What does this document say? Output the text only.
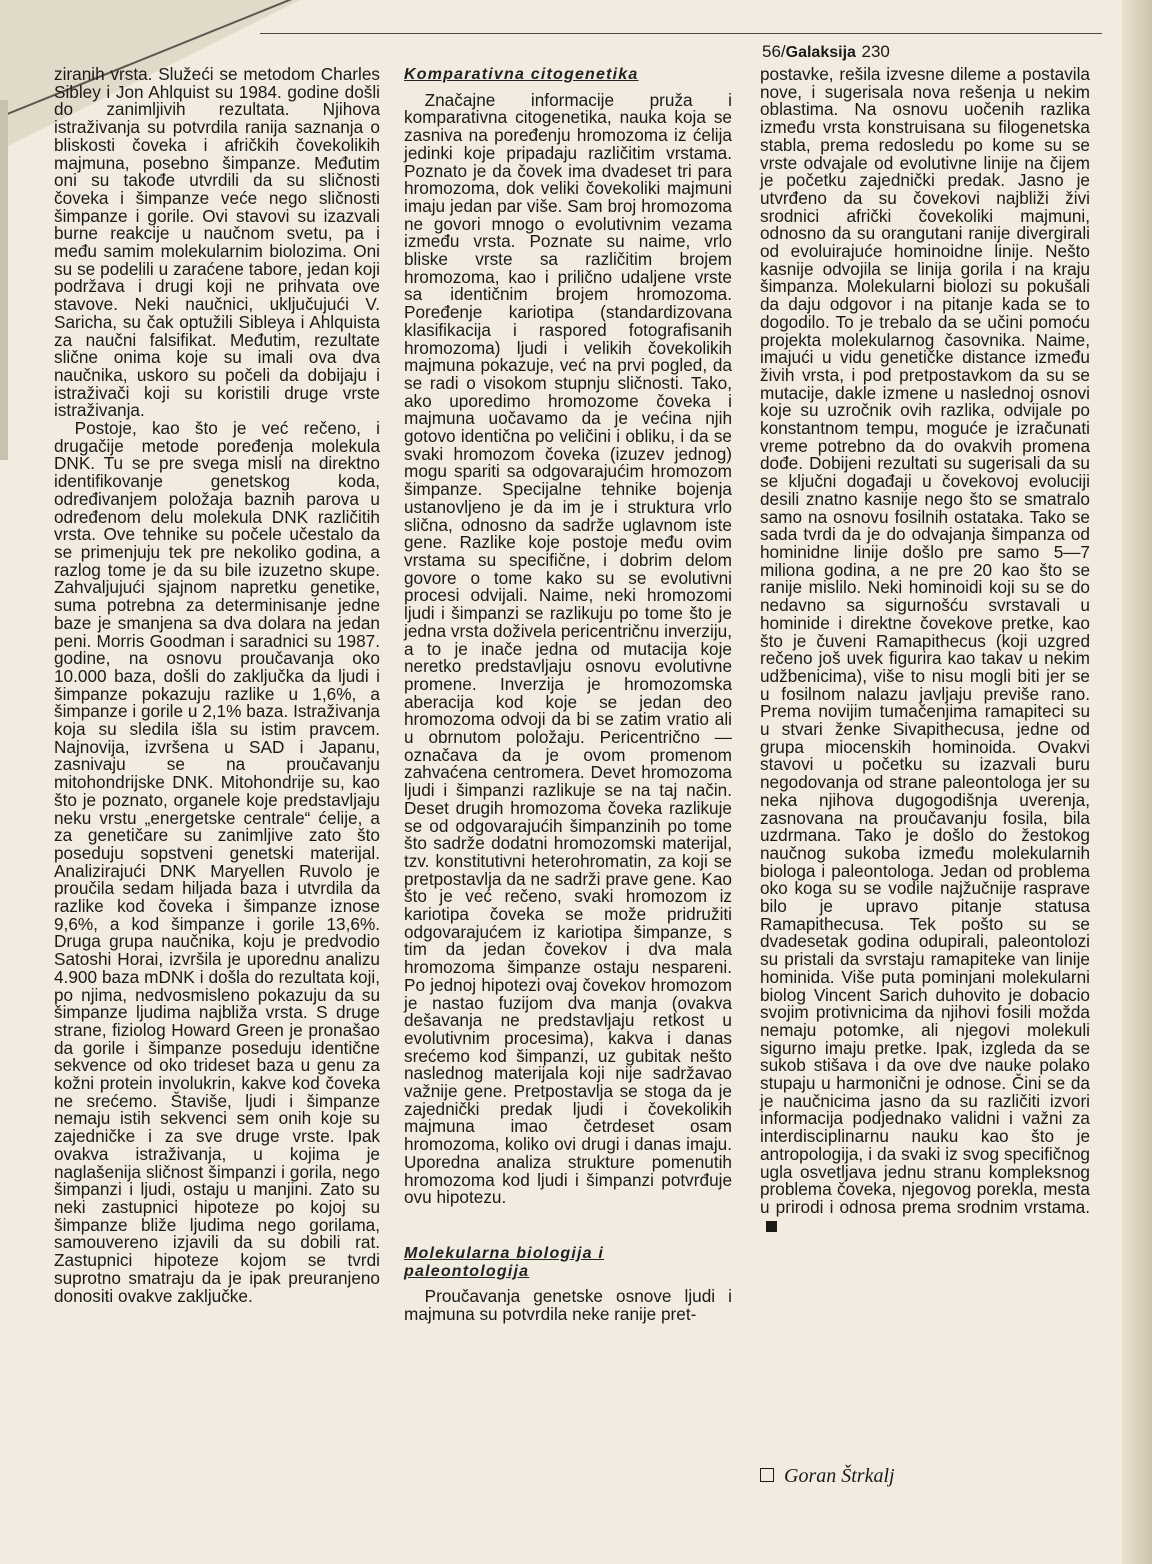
56/Galaksija 230

ziranih vrsta. Služeći se metodom Charles Sibley i Jon Ahlquist su 1984. godine došli do zanimljivih rezultata. Njihova istraživanja su potvrdila ranija saznanja o bliskosti čoveka i afričkih čovekolikih majmuna, posebno šimpanze. Međutim oni su takođe utvrdili da su sličnosti čoveka i šimpanze veće nego sličnosti šimpanze i gorile. Ovi stavovi su izazvali burne reakcije u naučnom svetu, pa i među samim molekularnim biolozima. Oni su se podelili u zaraćene tabore, jedan koji podržava i drugi koji ne prihvata ove stavove. Neki naučnici, uključujući V. Saricha, su čak optužili Sibleya i Ahlquista za naučni falsifikat. Međutim, rezultate slične onima koje su imali ova dva naučnika, uskoro su počeli da dobijaju i istraživači koji su koristili druge vrste istraživanja.

Postoje, kao što je već rečeno, i drugačije metode poređenja molekula DNK. Tu se pre svega misli na direktno identifikovanje genetskog koda, određivanjem položaja baznih parova u određenom delu molekula DNK različitih vrsta. Ove tehnike su počele učestalo da se primenjuju tek pre nekoliko godina, a razlog tome je da su bile izuzetno skupe. Zahvaljujući sjajnom napretku genetike, suma potrebna za determinisanje jedne baze je smanjena sa dva dolara na jedan peni. Morris Goodman i saradnici su 1987. godine, na osnovu proučavanja oko 10.000 baza, došli do zaključka da ljudi i šimpanze pokazuju razlike u 1,6%, a šimpanze i gorile u 2,1% baza. Istraživanja koja su sledila išla su istim pravcem. Najnovija, izvršena u SAD i Japanu, zasnivaju se na proučavanju mitohondrijske DNK. Mitohondrije su, kao što je poznato, organele koje predstavljaju neku vrstu „energetske centrale“ ćelije, a za genetičare su zanimljive zato što poseduju sopstveni genetski materijal. Analizirajući DNK Maryellen Ruvolo je proučila sedam hiljada baza i utvrdila da razlike kod čoveka i šimpanze iznose 9,6%, a kod šimpanze i gorile 13,6%. Druga grupa naučnika, koju je predvodio Satoshi Horai, izvršila je uporednu analizu 4.900 baza mDNK i došla do rezultata koji, po njima, nedvosmisleno pokazuju da su šimpanze ljudima najbliža vrsta. S druge strane, fiziolog Howard Green je pronašao da gorile i šimpanze poseduju identične sekvence od oko trideset baza u genu za kožni protein involukrin, kakve kod čoveka ne srećemo. Štaviše, ljudi i šimpanze nemaju istih sekvenci sem onih koje su zajedničke i za sve druge vrste. Ipak ovakva istraživanja, u kojima je naglašenija sličnost šimpanzi i gorila, nego šimpanzi i ljudi, ostaju u manjini. Zato su neki zastupnici hipoteze po kojoj su šimpanze bliže ljudima nego gorilama, samouvereno izjavili da su dobili rat. Zastupnici hipoteze kojom se tvrdi suprotno smatraju da je ipak preuranjeno donositi ovakve zaključke.

Komparativna citogenetika

Značajne informacije pruža i komparativna citogenetika, nauka koja se zasniva na poređenju hromozoma iz ćelija jedinki koje pripadaju različitim vrstama. Poznato je da čovek ima dvadeset tri para hromozoma, dok veliki čovekoliki majmuni imaju jedan par više. Sam broj hromozoma ne govori mnogo o evolutivnim vezama između vrsta. Poznate su naime, vrlo bliske vrste sa različitim brojem hromozoma, kao i prilično udaljene vrste sa identičnim brojem hromozoma. Poređenje kariotipa (standardizovana klasifikacija i raspored fotografisanih hromozoma) ljudi i velikih čovekolikih majmuna pokazuje, već na prvi pogled, da se radi o visokom stupnju sličnosti. Tako, ako uporedimo hromozome čoveka i majmuna uočavamo da je većina njih gotovo identična po veličini i obliku, i da se svaki hromozom čoveka (izuzev jednog) mogu spariti sa odgovarajućim hromozom šimpanze. Specijalne tehnike bojenja ustanovljeno je da im je i struktura vrlo slična, odnosno da sadrže uglavnom iste gene. Razlike koje postoje među ovim vrstama su specifične, i dobrim delom govore o tome kako su se evolutivni procesi odvijali. Naime, neki hromozomi ljudi i šimpanzi se razlikuju po tome što je jedna vrsta doživela pericentričnu inverziju, a to je inače jedna od mutacija koje neretko predstavljaju osnovu evolutivne promene. Inverzija je hromozomska aberacija kod koje se jedan deo hromozoma odvoji da bi se zatim vratio ali u obrnutom položaju. Pericentrično — označava da je ovom promenom zahvaćena centromera. Devet hromozoma ljudi i šimpanzi razlikuje se na taj način. Deset drugih hromozoma čoveka razlikuje se od odgovarajućih šimpanzinih po tome što sadrže dodatni hromozomski materijal, tzv. konstitutivni heterohromatin, za koji se pretpostavlja da ne sadrži prave gene. Kao što je već rečeno, svaki hromozom iz kariotipa čoveka se može pridružiti odgovarajućem iz kariotipa šimpanze, s tim da jedan čovekov i dva mala hromozoma šimpanze ostaju nespareni. Po jednoj hipotezi ovaj čovekov hromozom je nastao fuzijom dva manja (ovakva dešavanja ne predstavljaju retkost u evolutivnim procesima), kakva i danas srećemo kod šimpanzi, uz gubitak nešto naslednog materijala koji nije sadržavao važnije gene. Pretpostavlja se stoga da je zajednički predak ljudi i čovekolikih majmuna imao četrdeset osam hromozoma, koliko ovi drugi i danas imaju. Uporedna analiza strukture pomenutih hromozoma kod ljudi i šimpanzi potvrđuje ovu hipotezu.

Molekularna biologija i paleontologija

Proučavanja genetske osnove ljudi i majmuna su potvrdila neke ranije pret-

postavke, rešila izvesne dileme a postavila nove, i sugerisala nova rešenja u nekim oblastima. Na osnovu uočenih razlika između vrsta konstruisana su filogenetska stabla, prema redosledu po kome su se vrste odvajale od evolutivne linije na čijem je početku zajednički predak. Jasno je utvrđeno da su čovekovi najbliži živi srodnici afrički čovekoliki majmuni, odnosno da su orangutani ranije divergirali od evoluirajuće hominoidne linije. Nešto kasnije odvojila se linija gorila i na kraju šimpanza. Molekularni biolozi su pokušali da daju odgovor i na pitanje kada se to dogodilo. To je trebalo da se učini pomoću projekta molekularnog časovnika. Naime, imajući u vidu genetičke distance između živih vrsta, i pod pretpostavkom da su se mutacije, dakle izmene u naslednoj osnovi koje su uzročnik ovih razlika, odvijale po konstantnom tempu, moguće je izračunati vreme potrebno da do ovakvih promena dođe. Dobijeni rezultati su sugerisali da su se ključni događaji u čovekovoj evoluciji desili znatno kasnije nego što se smatralo samo na osnovu fosilnih ostataka. Tako se sada tvrdi da je do odvajanja šimpanza od hominidne linije došlo pre samo 5—7 miliona godina, a ne pre 20 kao što se ranije mislilo. Neki hominoidi koji su se do nedavno sa sigurnošću svrstavali u hominide i direktne čovekove pretke, kao što je čuveni Ramapithecus (koji uzgred rečeno još uvek figurira kao takav u nekim udžbenicima), više to nisu mogli biti jer se u fosilnom nalazu javljaju previše rano. Prema novijim tumačenjima ramapiteci su u stvari ženke Sivapithecusa, jedne od grupa miocenskih hominoida. Ovakvi stavovi u početku su izazvali buru negodovanja od strane paleontologa jer su neka njihova dugogodišnja uverenja, zasnovana na proučavanju fosila, bila uzdrmana. Tako je došlo do žestokog naučnog sukoba između molekularnih biologa i paleontologa. Jedan od problema oko koga su se vodile najžučnije rasprave bilo je upravo pitanje statusa Ramapithecusa. Tek pošto su se dvadesetak godina odupirali, paleontolozi su pristali da svrstaju ramapiteke van linije hominida. Više puta pominjani molekularni biolog Vincent Sarich duhovito je dobacio svojim protivnicima da njihovi fosili možda nemaju potomke, ali njegovi molekuli sigurno imaju pretke. Ipak, izgleda da se sukob stišava i da ove dve nauke polako stupaju u harmonični je odnose. Čini se da je naučnicima jasno da su različiti izvori informacija podjednako validni i važni za interdisciplinarnu nauku kao što je antropologija, i da svaki iz svog specifičnog ugla osvetljava jednu stranu kompleksnog problema čoveka, njegovog porekla, mesta u prirodi i odnosa prema srodnim vrstama.

Goran Štrkalj
